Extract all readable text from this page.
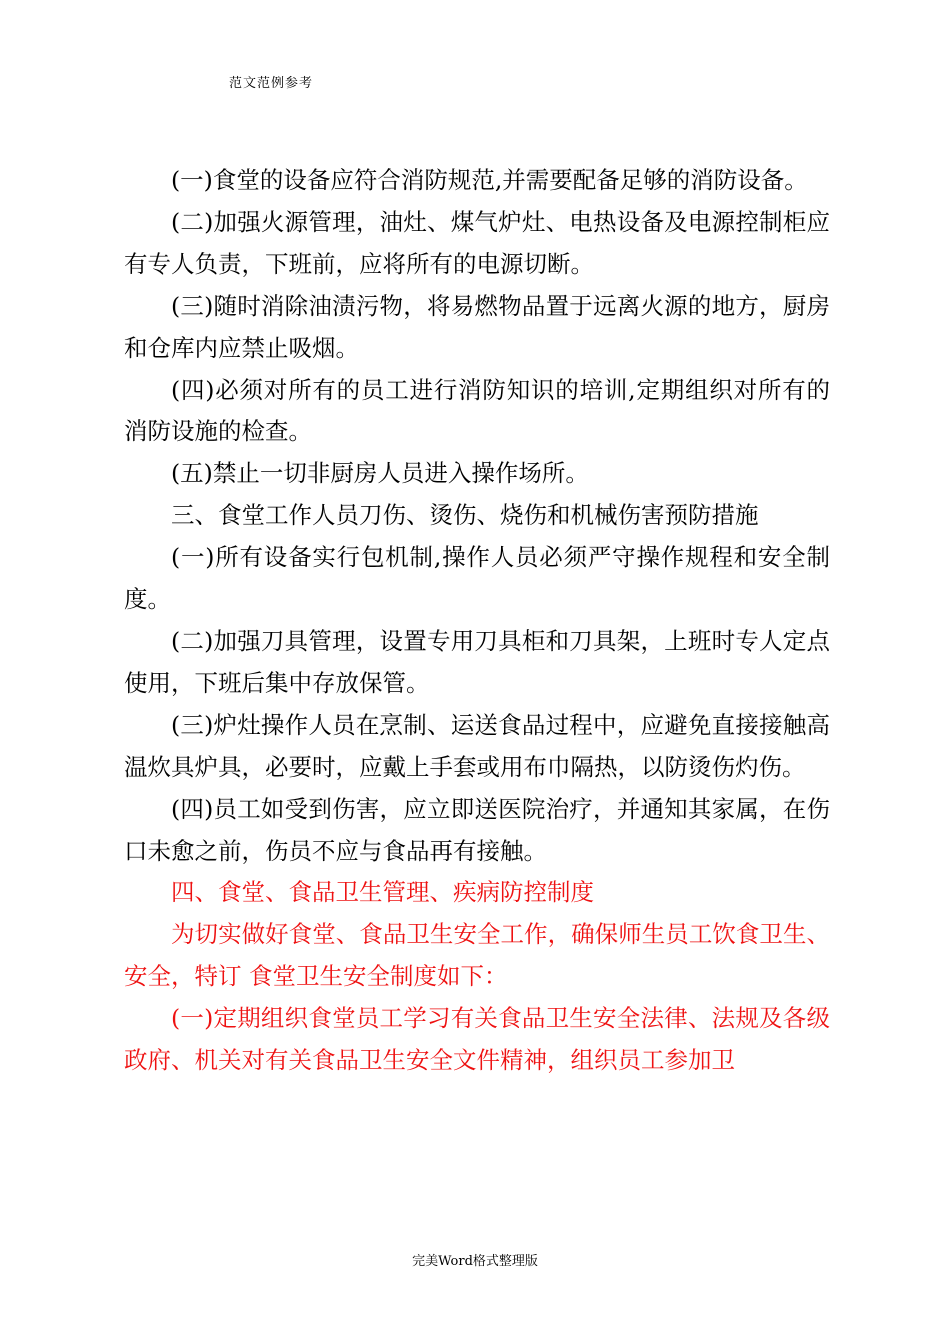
范文范例参考

(一)食堂的设备应符合消防规范,并需要配备足够的消防设备。

(二)加强火源管理，油灶、煤气炉灶、电热设备及电源控制柜应有专人负责，下班前，应将所有的电源切断。

(三)随时消除油渍污物，将易燃物品置于远离火源的地方，厨房和仓库内应禁止吸烟。

(四)必须对所有的员工进行消防知识的培训,定期组织对所有的消防设施的检查。

(五)禁止一切非厨房人员进入操作场所。

三、食堂工作人员刀伤、烫伤、烧伤和机械伤害预防措施

(一)所有设备实行包机制,操作人员必须严守操作规程和安全制度。

(二)加强刀具管理，设置专用刀具柜和刀具架，上班时专人定点使用，下班后集中存放保管。

(三)炉灶操作人员在烹制、运送食品过程中，应避免直接接触高温炊具炉具，必要时，应戴上手套或用布巾隔热，以防烫伤灼伤。

(四)员工如受到伤害，应立即送医院治疗，并通知其家属，在伤口未愈之前，伤员不应与食品再有接触。

四、食堂、食品卫生管理、疾病防控制度

为切实做好食堂、食品卫生安全工作，确保师生员工饮食卫生、安全，特订 食堂卫生安全制度如下：

(一)定期组织食堂员工学习有关食品卫生安全法律、法规及各级政府、机关对有关食品卫生安全文件精神，组织员工参加卫

完美Word格式整理版
